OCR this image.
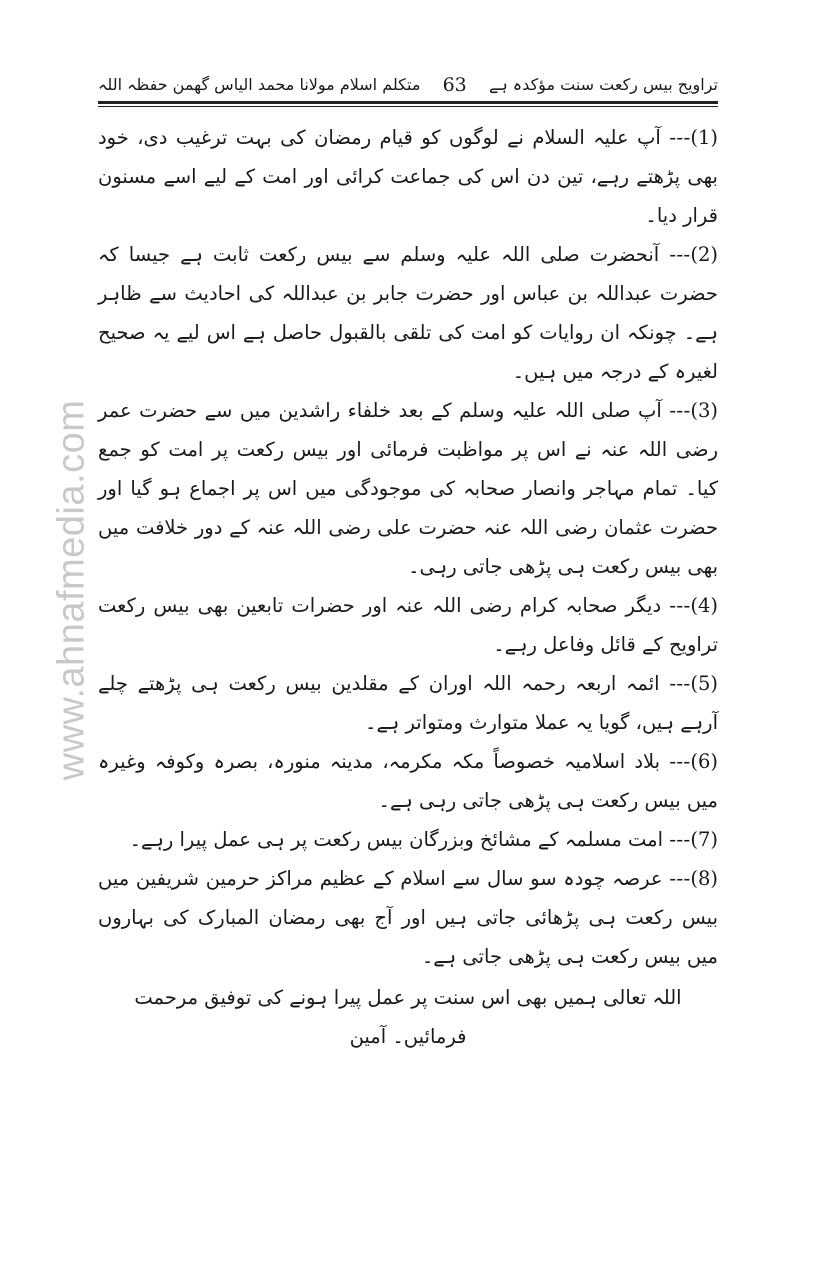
تراویح بیس رکعت سنت مؤکدہ ہے
63
متکلم اسلام مولانا محمد الیاس گھمن حفظہ اللہ
www.ahnafmedia.com

(1)--- آپ علیہ السلام نے لوگوں کو قیام رمضان کی بہت ترغیب دی، خود بھی پڑھتے رہے، تین دن اس کی جماعت کرائی اور امت کے لیے اسے مسنون قرار دیا۔

(2)--- آنحضرت صلی اللہ علیہ وسلم سے بیس رکعت ثابت ہے جیسا کہ حضرت عبداللہ بن عباس اور حضرت جابر بن عبداللہ کی احادیث سے ظاہر ہے۔ چونکہ ان روایات کو امت کی تلقی بالقبول حاصل ہے اس لیے یہ صحیح لغیرہ کے درجہ میں ہیں۔

(3)--- آپ صلی اللہ علیہ وسلم کے بعد خلفاء راشدین میں سے حضرت عمر رضی اللہ عنہ نے اس پر مواظبت فرمائی اور بیس رکعت پر امت کو جمع کیا۔ تمام مہاجر وانصار صحابہ کی موجودگی میں اس پر اجماع ہو گیا اور حضرت عثمان رضی اللہ عنہ حضرت علی رضی اللہ عنہ کے دور خلافت میں بھی بیس رکعت ہی پڑھی جاتی رہی۔

(4)--- دیگر صحابہ کرام رضی اللہ عنہ اور حضرات تابعین بھی بیس رکعت تراویح کے قائل وفاعل رہے۔

(5)--- ائمہ اربعہ رحمہ اللہ اوران کے مقلدین بیس رکعت ہی پڑھتے چلے آرہے ہیں، گویا یہ عملا متوارث ومتواتر ہے۔

(6)--- بلاد اسلامیہ خصوصاً مکہ مکرمہ، مدینہ منورہ، بصرہ وکوفہ وغیرہ میں بیس رکعت ہی پڑھی جاتی رہی ہے۔

(7)--- امت مسلمہ کے مشائخ وبزرگان بیس رکعت پر ہی عمل پیرا رہے۔

(8)--- عرصہ چودہ سو سال سے اسلام کے عظیم مراکز حرمین شریفین میں بیس رکعت ہی پڑھائی جاتی ہیں اور آج بھی رمضان المبارک کی بہاروں میں بیس رکعت ہی پڑھی جاتی ہے۔

اللہ تعالی ہمیں بھی اس سنت پر عمل پیرا ہونے کی توفیق مرحمت فرمائیں۔ آمین
